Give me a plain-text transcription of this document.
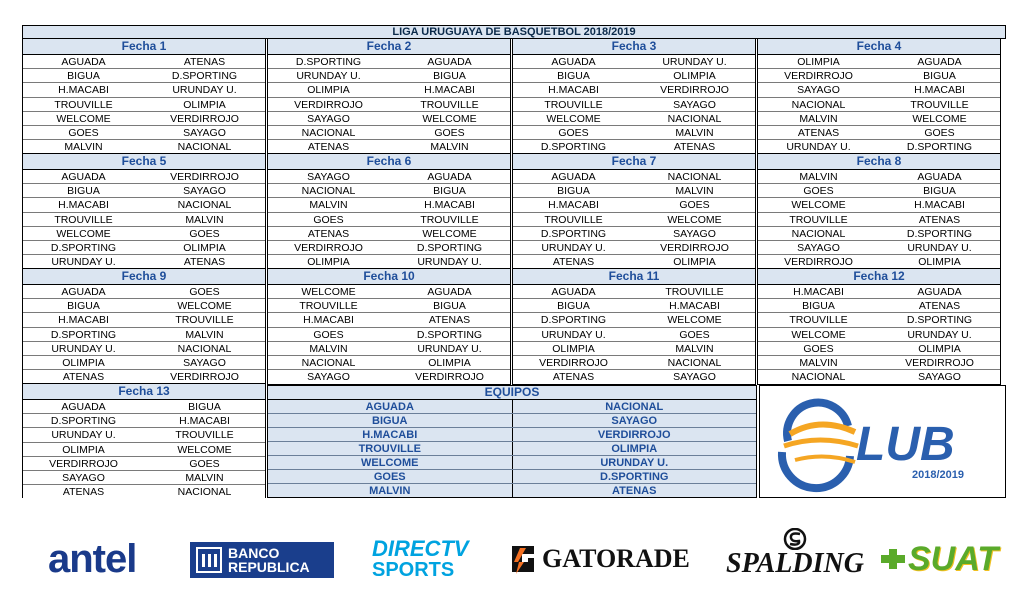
LIGA URUGUAYA DE BASQUETBOL 2018/2019
Fecha 1
AGUADA	ATENAS
BIGUA	D.SPORTING
H.MACABI	URUNDAY U.
TROUVILLE	OLIMPIA
WELCOME	VERDIRROJO
GOES	SAYAGO
MALVIN	NACIONAL
Fecha 2
D.SPORTING	AGUADA
URUNDAY U.	BIGUA
OLIMPIA	H.MACABI
VERDIRROJO	TROUVILLE
SAYAGO	WELCOME
NACIONAL	GOES
ATENAS	MALVIN
Fecha 3
AGUADA	URUNDAY U.
BIGUA	OLIMPIA
H.MACABI	VERDIRROJO
TROUVILLE	SAYAGO
WELCOME	NACIONAL
GOES	MALVIN
D.SPORTING	ATENAS
Fecha 4
OLIMPIA	AGUADA
VERDIRROJO	BIGUA
SAYAGO	H.MACABI
NACIONAL	TROUVILLE
MALVIN	WELCOME
ATENAS	GOES
URUNDAY U.	D.SPORTING
Fecha 5
AGUADA	VERDIRROJO
BIGUA	SAYAGO
H.MACABI	NACIONAL
TROUVILLE	MALVIN
WELCOME	GOES
D.SPORTING	OLIMPIA
URUNDAY U.	ATENAS
Fecha 6
SAYAGO	AGUADA
NACIONAL	BIGUA
MALVIN	H.MACABI
GOES	TROUVILLE
ATENAS	WELCOME
VERDIRROJO	D.SPORTING
OLIMPIA	URUNDAY U.
Fecha 7
AGUADA	NACIONAL
BIGUA	MALVIN
H.MACABI	GOES
TROUVILLE	WELCOME
D.SPORTING	SAYAGO
URUNDAY U.	VERDIRROJO
ATENAS	OLIMPIA
Fecha 8
MALVIN	AGUADA
GOES	BIGUA
WELCOME	H.MACABI
TROUVILLE	ATENAS
NACIONAL	D.SPORTING
SAYAGO	URUNDAY U.
VERDIRROJO	OLIMPIA
Fecha 9
AGUADA	GOES
BIGUA	WELCOME
H.MACABI	TROUVILLE
D.SPORTING	MALVIN
URUNDAY U.	NACIONAL
OLIMPIA	SAYAGO
ATENAS	VERDIRROJO
Fecha 10
WELCOME	AGUADA
TROUVILLE	BIGUA
H.MACABI	ATENAS
GOES	D.SPORTING
MALVIN	URUNDAY U.
NACIONAL	OLIMPIA
SAYAGO	VERDIRROJO
Fecha 11
AGUADA	TROUVILLE
BIGUA	H.MACABI
D.SPORTING	WELCOME
URUNDAY U.	GOES
OLIMPIA	MALVIN
VERDIRROJO	NACIONAL
ATENAS	SAYAGO
Fecha 12
H.MACABI	AGUADA
BIGUA	ATENAS
TROUVILLE	D.SPORTING
WELCOME	URUNDAY U.
GOES	OLIMPIA
MALVIN	VERDIRROJO
NACIONAL	SAYAGO
Fecha 13
AGUADA	BIGUA
D.SPORTING	H.MACABI
URUNDAY U.	TROUVILLE
OLIMPIA	WELCOME
VERDIRROJO	GOES
SAYAGO	MALVIN
ATENAS	NACIONAL
EQUIPOS
AGUADA	NACIONAL
BIGUA	SAYAGO
H.MACABI	VERDIRROJO
TROUVILLE	OLIMPIA
WELCOME	URUNDAY U.
GOES	D.SPORTING
MALVIN	ATENAS
LUB
2018/2019
antel	BANCO
REPUBLICA
DIRECTV
SPORTS	GATORADE SPALDING SUAT
